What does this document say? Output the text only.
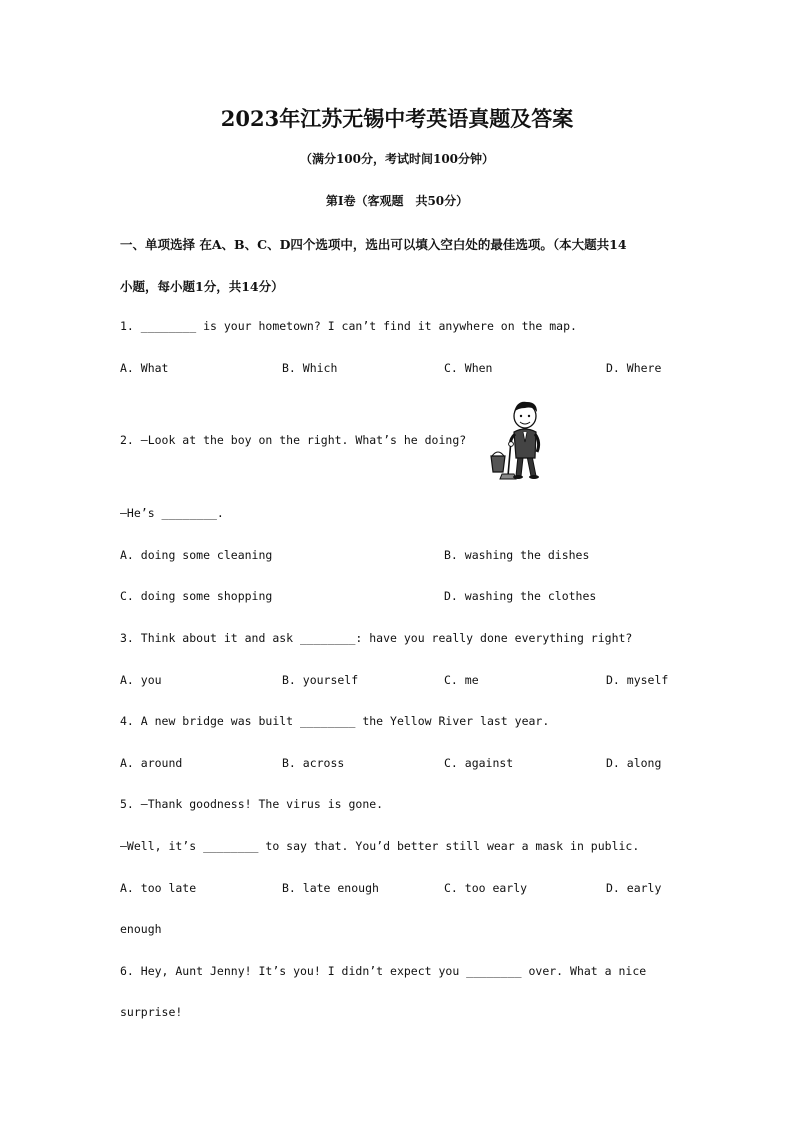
2023年江苏无锡中考英语真题及答案
（满分100分，考试时间100分钟）
第Ⅰ卷（客观题　共50分）
一、单项选择 在A、B、C、D四个选项中，选出可以填入空白处的最佳选项。（本大题共14
小题，每小题1分，共14分）
1. ________ is your hometown? I can’t find it anywhere on the map.
A. What	B. Which	C. When	D. Where
2. —Look at the boy on the right. What’s he doing?
—He’s ________.
A. doing some cleaning	B. washing the dishes
C. doing some shopping	D. washing the clothes
3. Think about it and ask ________: have you really done everything right?
A. you	B. yourself	C. me	D. myself
4. A new bridge was built ________ the Yellow River last year.
A. around	B. across	C. against	D. along
5. —Thank goodness! The virus is gone.
—Well, it’s ________ to say that. You’d better still wear a mask in public.
A. too late	B. late enough	C. too early	D. early
enough
6. Hey, Aunt Jenny! It’s you! I didn’t expect you ________ over. What a nice
surprise!
